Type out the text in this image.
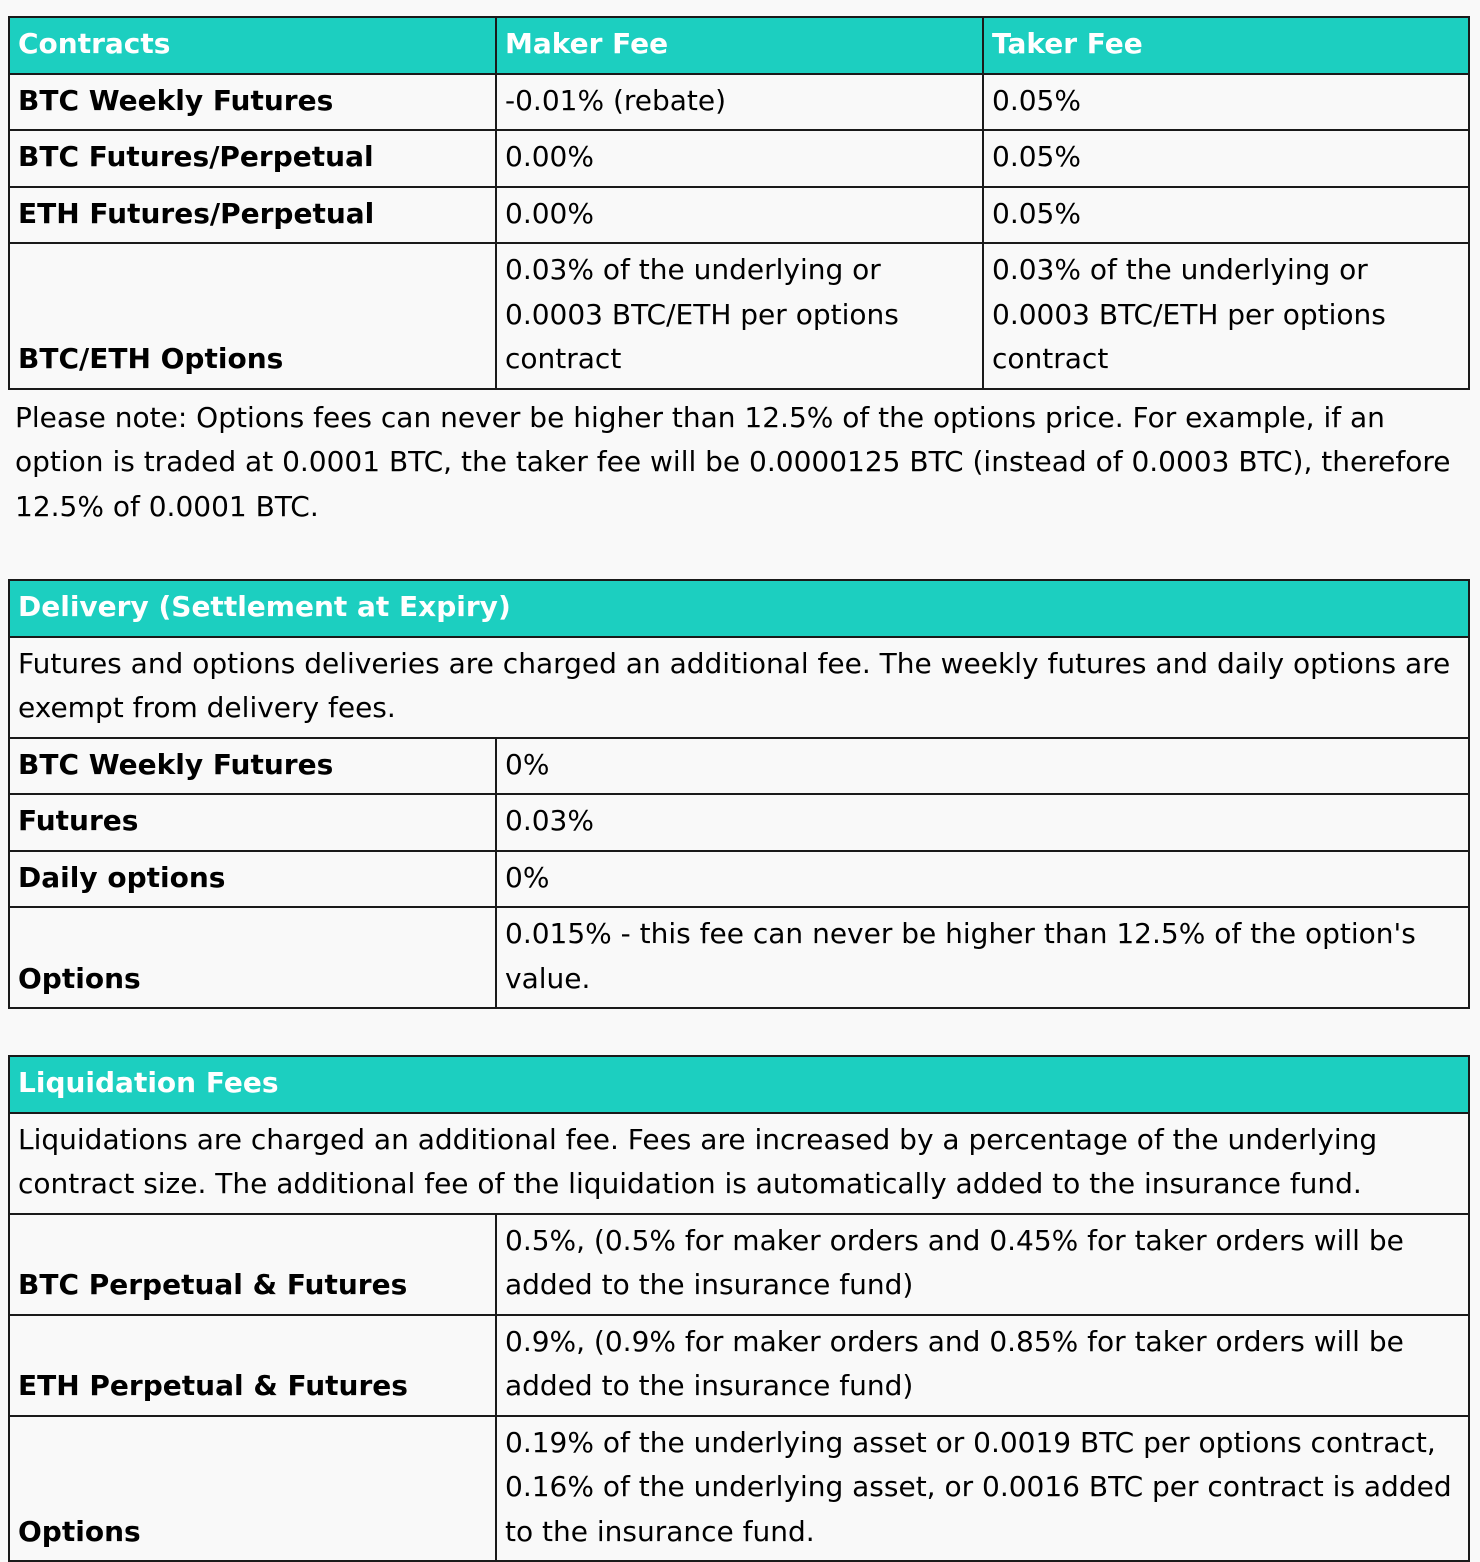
Contracts	Maker Fee	Taker Fee
BTC Weekly Futures	-0.01% (rebate)	0.05%
BTC Futures/Perpetual	0.00%	0.05%
ETH Futures/Perpetual	0.00%	0.05%
BTC/ETH Options	0.03% of the underlying or 0.0003 BTC/ETH per options contract	0.03% of the underlying or 0.0003 BTC/ETH per options contract
Please note: Options fees can never be higher than 12.5% of the options price. For example, if an option is traded at 0.0001 BTC, the taker fee will be 0.0000125 BTC (instead of 0.0003 BTC), therefore 12.5% of 0.0001 BTC.
Delivery (Settlement at Expiry)	
Futures and options deliveries are charged an additional fee. The weekly futures and daily options are exempt from delivery fees.	
BTC Weekly Futures	0%
Futures	0.03%
Daily options	0%
Options	0.015% - this fee can never be higher than 12.5% of the option's value.
Liquidation Fees	
Liquidations are charged an additional fee. Fees are increased by a percentage of the underlying contract size. The additional fee of the liquidation is automatically added to the insurance fund.	
BTC Perpetual & Futures	0.5%, (0.5% for maker orders and 0.45% for taker orders will be added to the insurance fund)
ETH Perpetual & Futures	0.9%, (0.9% for maker orders and 0.85% for taker orders will be added to the insurance fund)
Options	0.19% of the underlying asset or 0.0019 BTC per options contract, 0.16% of the underlying asset, or 0.0016 BTC per contract is added to the insurance fund.
